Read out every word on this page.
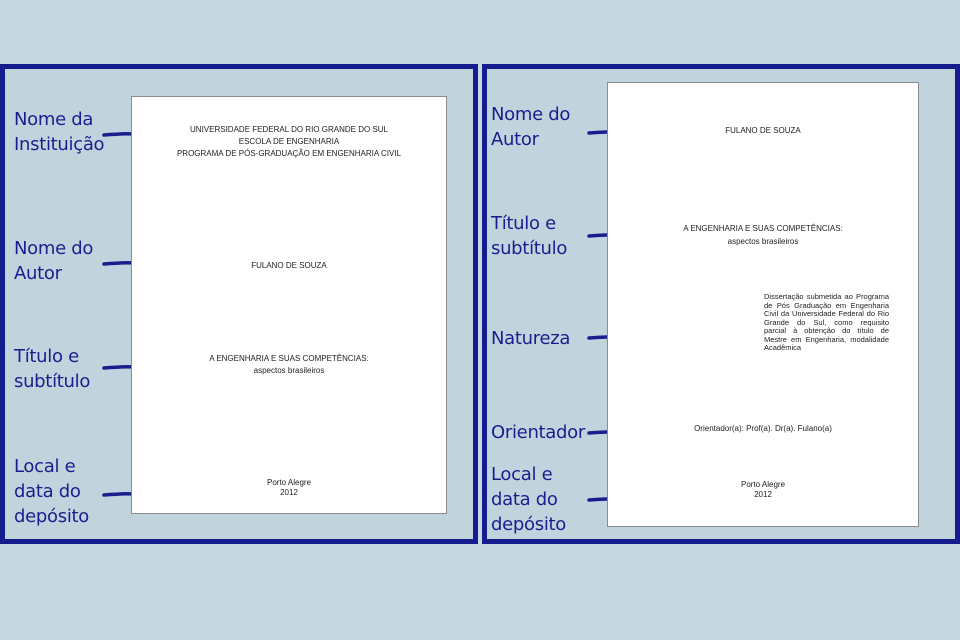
Nome da
Instituição
Nome do
Autor
Título e
subtítulo
Local e
data do
depósito
UNIVERSIDADE FEDERAL DO RIO GRANDE DO SUL
ESCOLA DE ENGENHARIA
PROGRAMA DE PÓS-GRADUAÇÃO EM ENGENHARIA CIVIL
FULANO DE SOUZA
A ENGENHARIA E SUAS COMPETÊNCIAS:
aspectos brasileiros
Porto Alegre
2012
Nome do
Autor
Título e
subtítulo
Natureza
Orientador
Local e
data do
depósito
FULANO DE SOUZA
A ENGENHARIA E SUAS COMPETÊNCIAS:
aspectos brasileiros
Dissertação submetida ao Programa de Pós Graduação em Engenharia Civil da Universidade Federal do Rio Grande do Sul, como requisito parcial à obtenção do título de Mestre em Engenharia, modalidade Acadêmica
Orientador(a): Prof(a). Dr(a). Fulano(a)
Porto Alegre
2012
